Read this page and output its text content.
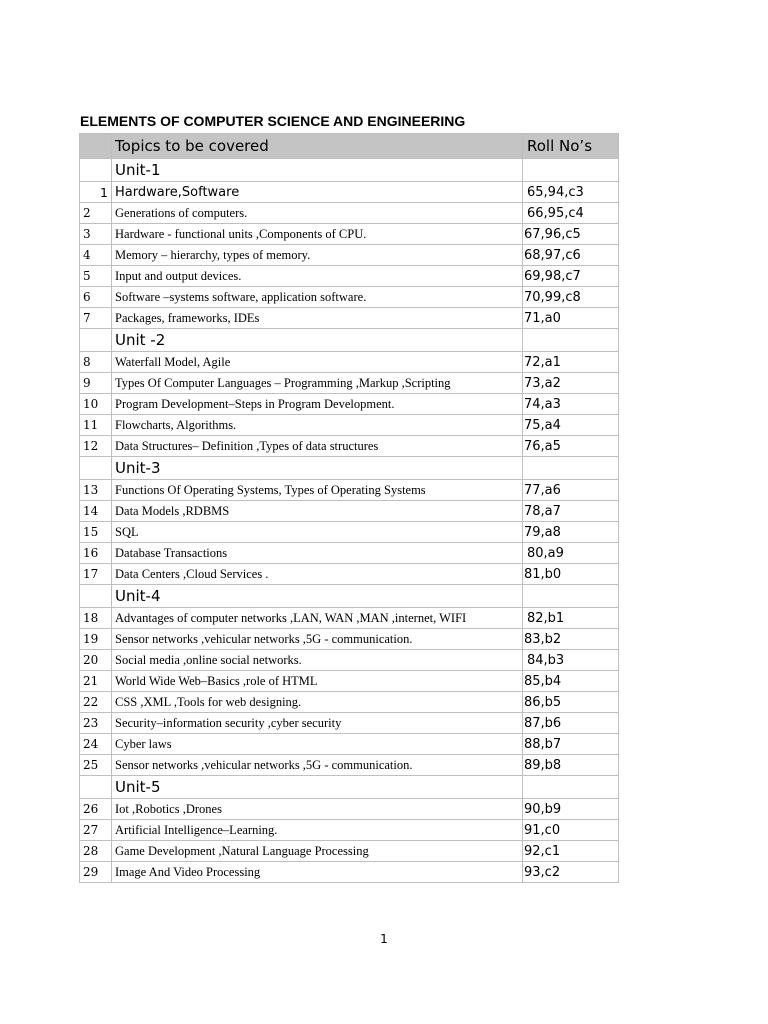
ELEMENTS OF COMPUTER SCIENCE AND ENGINEERING
	Topics to be covered	Roll No’s
	Unit-1	
1	Hardware,Software	65,94,c3
2	Generations of computers.	66,95,c4
3	Hardware - functional units ,Components of CPU.	67,96,c5
4	Memory – hierarchy, types of memory.	68,97,c6
5	Input and output devices.	69,98,c7
6	Software –systems software, application software.	70,99,c8
7	Packages, frameworks, IDEs	71,a0
	Unit -2	
8	Waterfall Model, Agile	72,a1
9	Types Of Computer Languages – Programming ,Markup ,Scripting	73,a2
10	Program Development–Steps in Program Development.	74,a3
11	Flowcharts, Algorithms.	75,a4
12	Data Structures– Definition ,Types of data structures	76,a5
	Unit-3	
13	Functions Of Operating Systems, Types of Operating Systems	77,a6
14	Data Models ,RDBMS	78,a7
15	SQL	79,a8
16	Database Transactions	80,a9
17	Data Centers ,Cloud Services .	81,b0
	Unit-4	
18	Advantages of computer networks ,LAN, WAN ,MAN ,internet, WIFI	82,b1
19	Sensor networks ,vehicular networks ,5G - communication.	83,b2
20	Social media ,online social networks.	84,b3
21	World Wide Web–Basics ,role of HTML	85,b4
22	CSS ,XML ,Tools for web designing.	86,b5
23	Security–information security ,cyber security	87,b6
24	Cyber laws	88,b7
25	Sensor networks ,vehicular networks ,5G - communication.	89,b8
	Unit-5	
26	Iot ,Robotics ,Drones	90,b9
27	Artificial Intelligence–Learning.	91,c0
28	Game Development ,Natural Language Processing	92,c1
29	Image And Video Processing	93,c2
1
